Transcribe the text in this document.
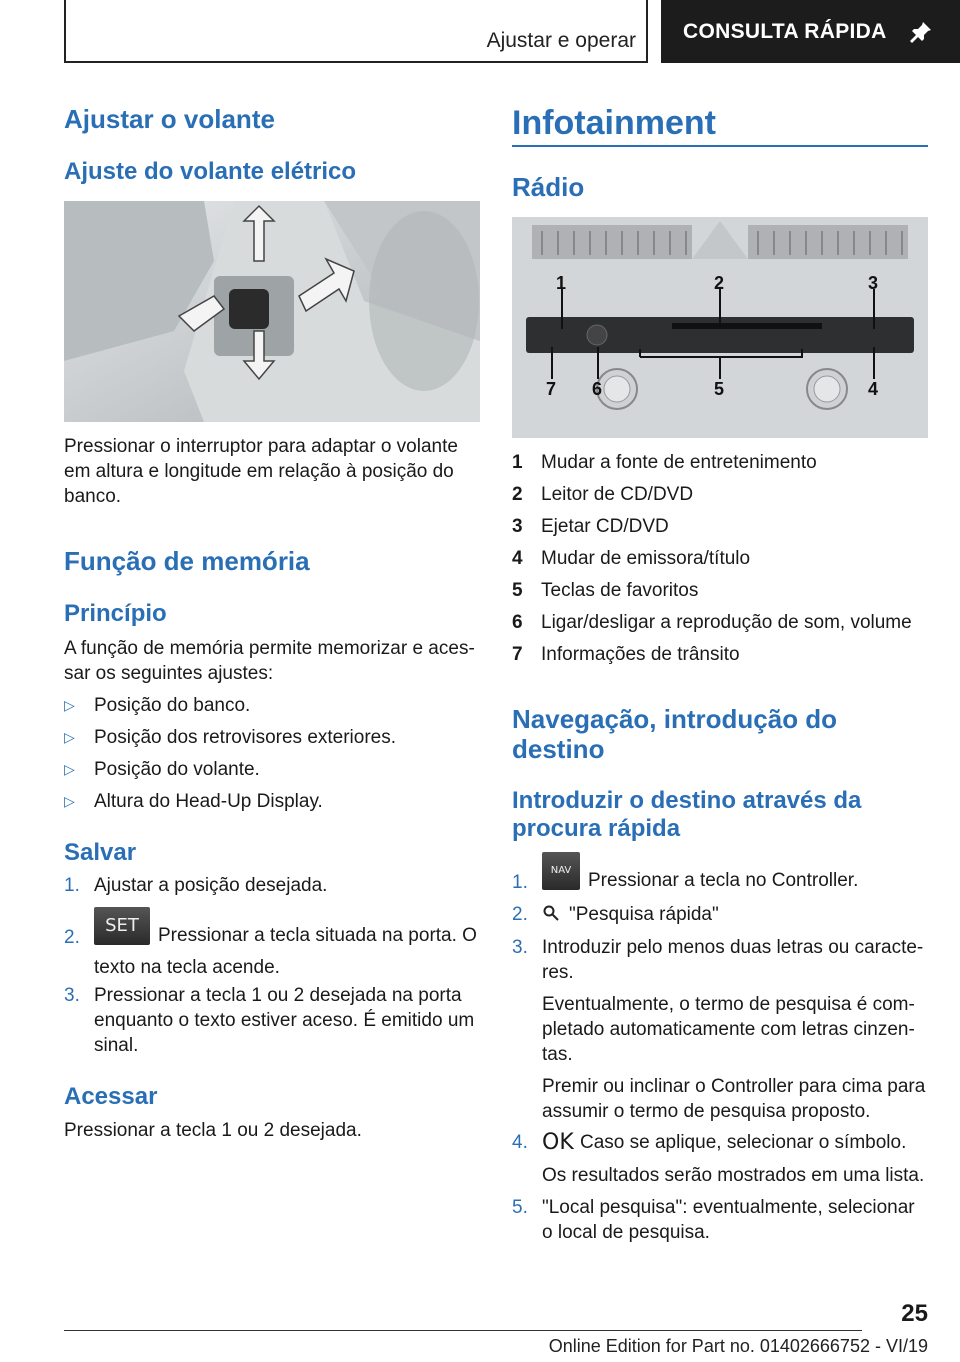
Ajustar e operar CONSULTA RÁPIDA
Ajustar o volante
Ajuste do volante elétrico
Pressionar o interruptor para adaptar o volante em altura e longitude em relação à posição do banco.
Função de memória
Princípio
A função de memória permite memorizar e aces-sar os seguintes ajustes:
▷ Posição do banco.
▷ Posição dos retrovisores exteriores.
▷ Posição do volante.
▷ Altura do Head-Up Display.
Salvar
1. Ajustar a posição desejada.
2.
SET Pressionar a tecla situada na porta. O texto na tecla acende.
3. Pressionar a tecla 1 ou 2 desejada na porta enquanto o texto estiver aceso. É emitido um sinal.
Acessar
Pressionar a tecla 1 ou 2 desejada.
Infotainment
Rádio
1	2	3
7 6	5	4
1 Mudar a fonte de entretenimento
2 Leitor de CD/DVD
3 Ejetar CD/DVD
4 Mudar de emissora/título
5 Teclas de favoritos
6 Ligar/desligar a reprodução de som, volume
7 Informações de trânsito
Navegação, introdução do destino
Introduzir o destino através da procura rápida
1.
NAV Pressionar a tecla no Controller.
2. "Pesquisa rápida"
3. Introduzir pelo menos duas letras ou caracte-res.
Eventualmente, o termo de pesquisa é com-pletado automaticamente com letras cinzen-tas.
Premir ou inclinar o Controller para cima para assumir o termo de pesquisa proposto.
4. OK Caso se aplique, selecionar o símbolo.
Os resultados serão mostrados em uma lista.
5. "Local pesquisa": eventualmente, selecionar o local de pesquisa.
25
Online Edition for Part no. 01402666752 - VI/19
